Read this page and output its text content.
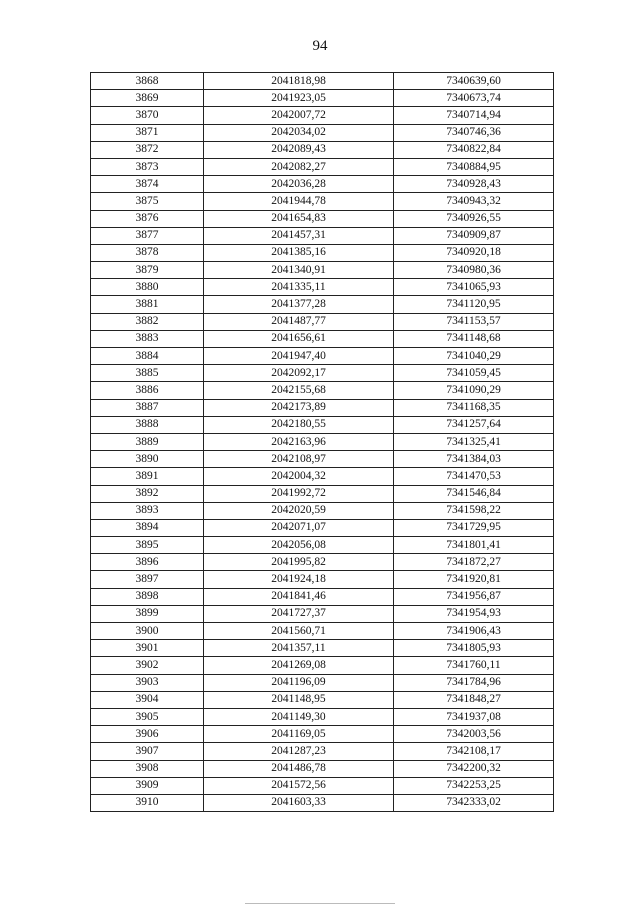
94
3868	2041818,98	7340639,60
3869	2041923,05	7340673,74
3870	2042007,72	7340714,94
3871	2042034,02	7340746,36
3872	2042089,43	7340822,84
3873	2042082,27	7340884,95
3874	2042036,28	7340928,43
3875	2041944,78	7340943,32
3876	2041654,83	7340926,55
3877	2041457,31	7340909,87
3878	2041385,16	7340920,18
3879	2041340,91	7340980,36
3880	2041335,11	7341065,93
3881	2041377,28	7341120,95
3882	2041487,77	7341153,57
3883	2041656,61	7341148,68
3884	2041947,40	7341040,29
3885	2042092,17	7341059,45
3886	2042155,68	7341090,29
3887	2042173,89	7341168,35
3888	2042180,55	7341257,64
3889	2042163,96	7341325,41
3890	2042108,97	7341384,03
3891	2042004,32	7341470,53
3892	2041992,72	7341546,84
3893	2042020,59	7341598,22
3894	2042071,07	7341729,95
3895	2042056,08	7341801,41
3896	2041995,82	7341872,27
3897	2041924,18	7341920,81
3898	2041841,46	7341956,87
3899	2041727,37	7341954,93
3900	2041560,71	7341906,43
3901	2041357,11	7341805,93
3902	2041269,08	7341760,11
3903	2041196,09	7341784,96
3904	2041148,95	7341848,27
3905	2041149,30	7341937,08
3906	2041169,05	7342003,56
3907	2041287,23	7342108,17
3908	2041486,78	7342200,32
3909	2041572,56	7342253,25
3910	2041603,33	7342333,02
